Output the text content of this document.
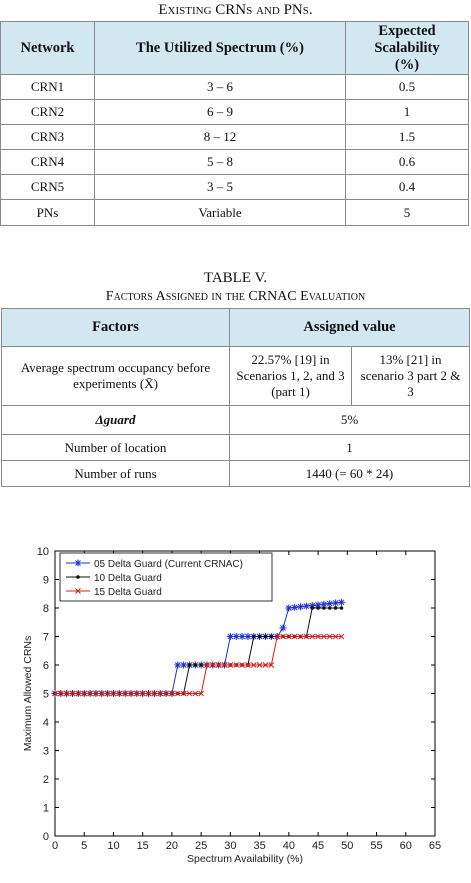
Existing CRNs and PNs.
Network	The Utilized Spectrum (%)	Expected Scalability (%)
CRN1	3 – 6	0.5
CRN2	6 – 9	1
CRN3	8 – 12	1.5
CRN4	5 – 8	0.6
CRN5	3 – 5	0.4
PNs	Variable	5
TABLE V.
Factors Assigned in the CRNAC Evaluation
Factors	Assigned value	
Average spectrum occupancy before experiments (X̄)	22.57% [19] in Scenarios 1, 2, and 3 (part 1)	13% [21] in scenario 3 part 2 & 3
Δguard	5%	
Number of location	1	
Number of runs	1440 (= 60 * 24)	
0
1
2
3
4
5
6
7
8
9
10
0 5 10 15 20 25 30 35 40 45 50 55 60 65
Spectrum Availability (%)
Maximum Allowed CRNs
05 Delta Guard (Current CRNAC)
10 Delta Guard
15 Delta Guard
